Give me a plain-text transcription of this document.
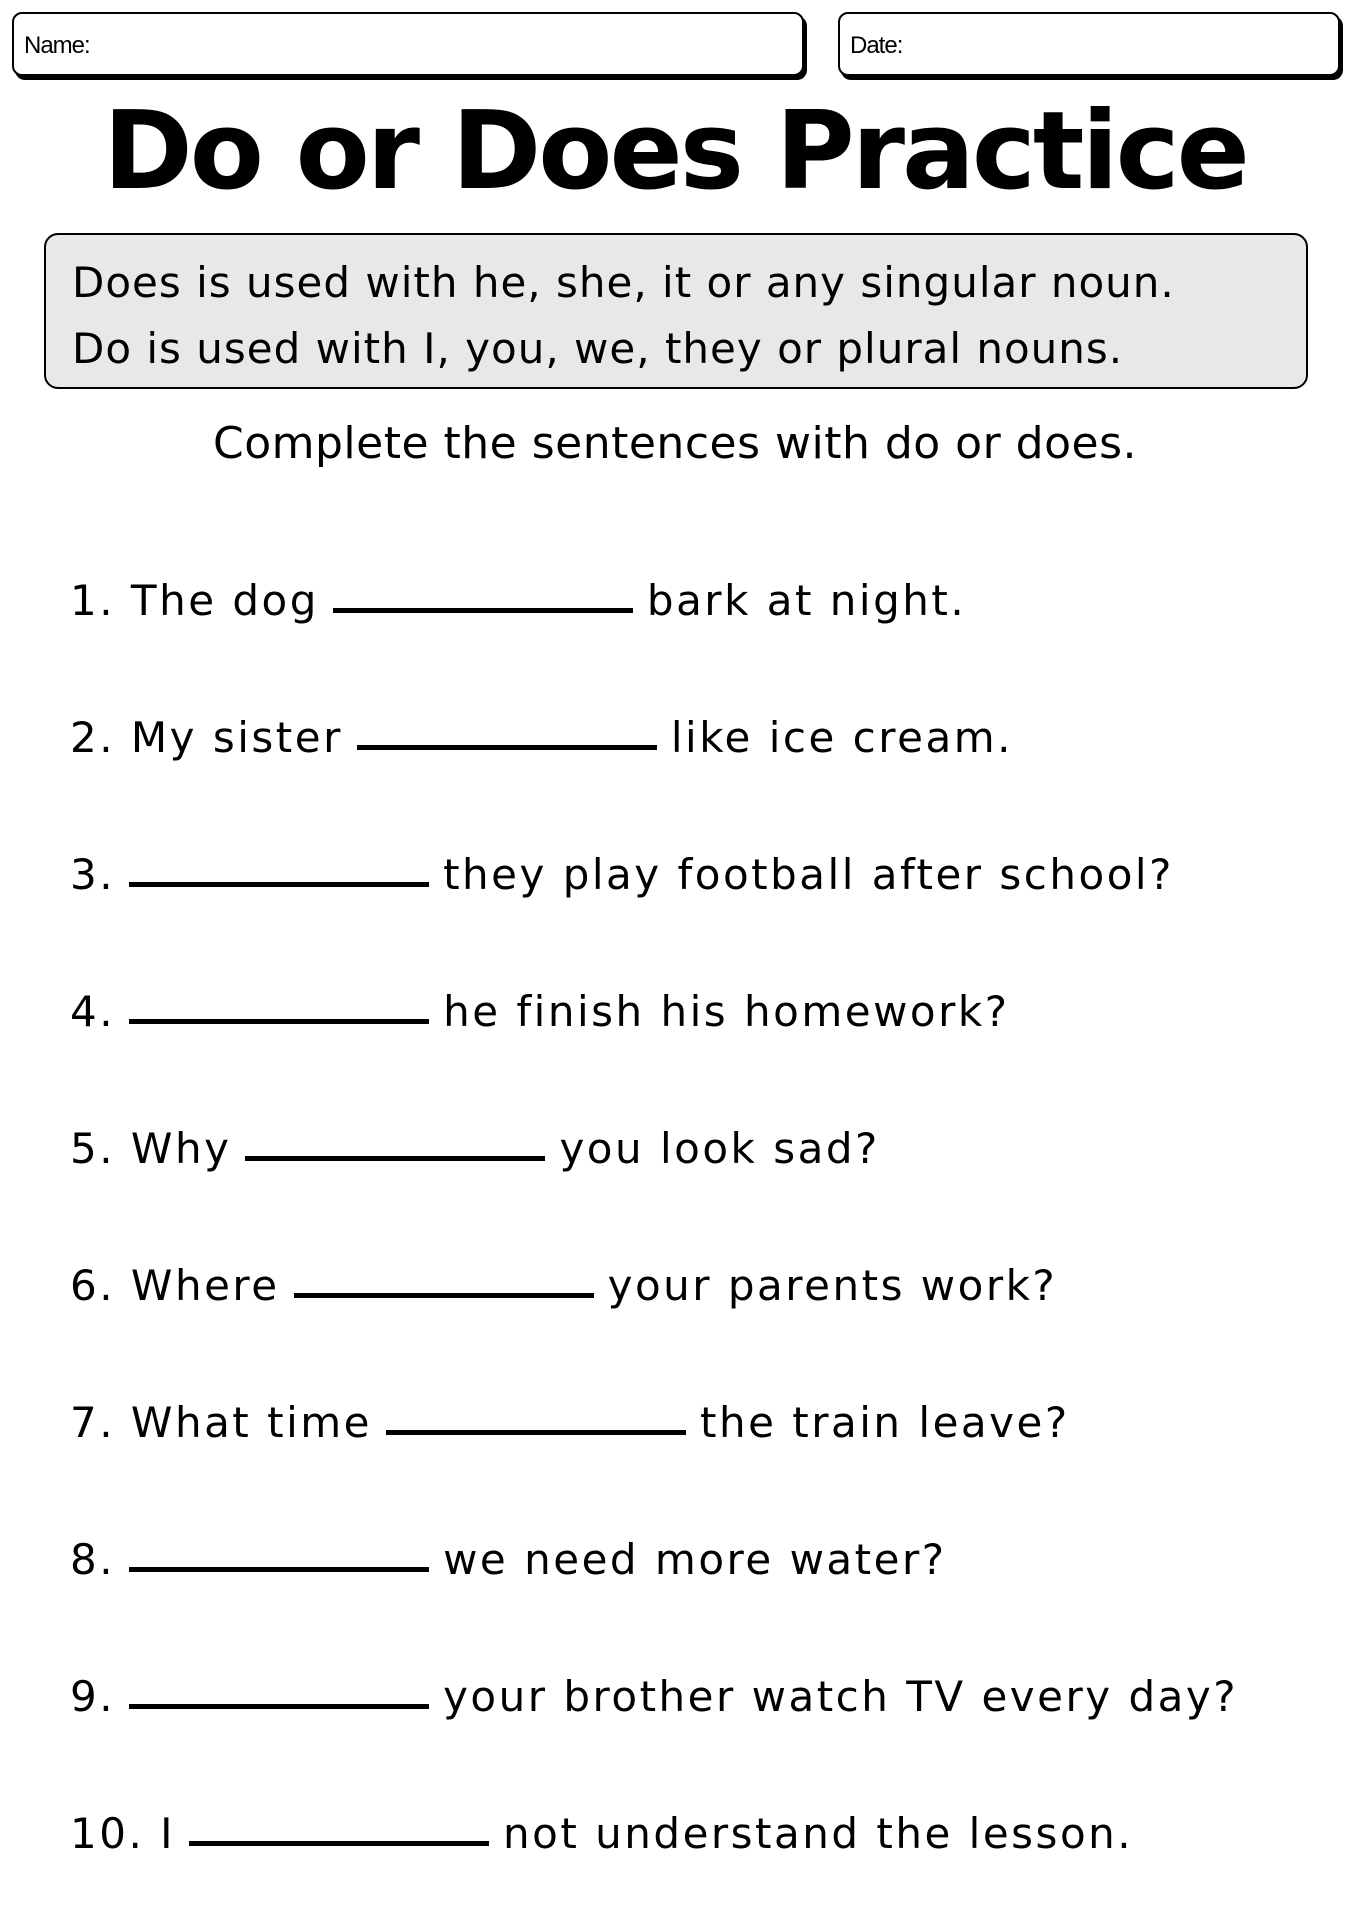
Name:	Date:
Do or Does Practice
Does is used with he, she, it or any singular noun.
Do is used with I, you, we, they or plural nouns.
Complete the sentences with do or does.
1. The dog	bark at night.
2. My sister	like ice cream.
3.	they play football after school?
4.	he finish his homework?
5. Why	you look sad?
6. Where	your parents work?
7. What time	the train leave?
8.	we need more water?
9.	your brother watch TV every day?
10. I	not understand the lesson.
